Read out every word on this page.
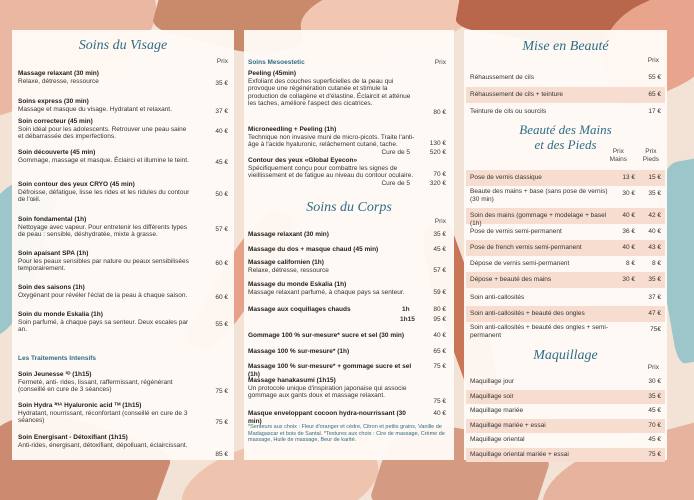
Soins du Visage
Prix
Massage relaxant (30 min)
Relaxe, détresse, ressource	35 €
Soins express (30 min)
Massage et masque du visage. Hydratant et relaxant.	37 €
Soin correcteur (45 min)
Soin idéal pour les adolescents. Retrouver une peau saine et débarrassée des imperfections.
40 €
Soin découverte (45 min)
Gommage, massage et masque. Éclairci et illumine le teint.	45 €
Soin contour des yeux CRYO (45 min)
Défroisse, défatigue, lisse les rides et les ridules du contour de l'œil.
50 €
Soin fondamental (1h)
Nettoyage avec vapeur. Pour entretenir les différents types de peau : sensible, déshydratée, mixte à grasse.
57 €
Soin apaisant SPA (1h)
Pour les peaux sensibles par nature ou peaux sensibilisées temporairement.
60 €
Soin des saisons (1h)
Oxygénant pour révéler l'éclat de la peau à chaque saison.	60 €
Soin du monde Eskalia (1h)
Soin parfumé, à chaque pays sa senteur. Deux escales par an.
55 €
Les Traitements Intensifs
Soin Jeunesse ³ᴰ (1h15)
Fermeté, anti- rides, lissant, raffermissant, régénérant (conseillé en cure de 3 séances)	75 €
Soin Hydra ³ᴴᴬ Hyaluronic acid ᵀᴹ (1h15)
Hydratant, nourrissant, réconfortant (conseillé en cure de 3 séances)	75 €
Soin Energisant - Détoxifiant (1h15)
Anti-rides, énergisant, détoxifiant, dépolluant, éclaircissant.
85 €
Soins Mesoestetic	Prix
Peeling (45min)
Exfoliant des couches superficielles de la peau qui provoque une régénération cutanée et stimule la production de collagène et d'élastine. Éclaircit et atténue les taches, améliore l'aspect des cicatrices.
80 €
Microneedling + Peeling (1h)
Technique non invasive muni de micro-picots. Traite l'anti-âge à l'acide hyaluronic, relâchement cutané, tache.	130 €
Cure de 5	520 €
Contour des yeux «Global Eyecon»
Spécifiquement conçu pour combattre les signes de vieillissement et de fatigue au niveau du contour oculaire.	70 €
Cure de 5	320 €
Soins du Corps
Prix
Massage relaxant (30 min)	35 €
Massage du dos + masque chaud (45 min)	45 €
Massage californien (1h)
Relaxe, détresse, ressource	57 €
Massage du monde Eskalia (1h)
Massage relaxant parfumé, à chaque pays sa senteur.	59 €
Massage aux coquillages chauds	1h	80 €
1h15	95 €
Gommage 100 % sur-mesure* sucre et sel (30 min)	40 €
Massage 100 % sur-mesure* (1h)	65 €
Massage 100 % sur-mesure* + gommage sucre et sel (1h)
75 €
Massage hanakasumi (1h15)
Un protocole unique d'inspiration japonaise qui associe gommage aux gants doux et massage relaxant.
75 €
Masque enveloppant cocoon hydra-nourrissant (30 min)
40 €
*Senteurs aux choix : Fleur d'oranger et cèdre, Citron et petits grains, Vanille de Madagascar et bois de Santal. *Textures aux choix : Cire de massage, Crème de massage, Huile de massage, Beur de karité.
Mise en Beauté
Prix
Réhaussement de cils	55 €
Réhaussement de cils + teinture	65 €
Teinture de cils ou sourcils	17 €
Beauté des Mains
et des Pieds	Prix
Mains
Prix
Pieds
Pose de vernis classique	13 €	15 €
Beaute des mains + base (sans pose de vernis) (30 min)
30 €	35 €
Soin des mains (gommage + modelage + basel (1h)
40 €	42 €
Pose de vernis semi-permanent	36 €	40 €
Pose de french vernis semi-permanent	40 €	43 €
Dépose de vernis semi-permanent	8 €	8 €
Dépose + beauté des mains	30 €	35 €
Soin anti-callosités	37 €
Soin anti-callosités + beauté des ongles	47 €
Soin anti-callosités + beauté des ongles + semi-permanent
75€
Maquillage
Prix
Maquillage jour	30 €
Maquillage soir	35 €
Maquillage mariée	45 €
Maquillage mariée + essai	70 €
Maquillage oriental	45 €
Maquillage oriental mariée + essai	75 €
